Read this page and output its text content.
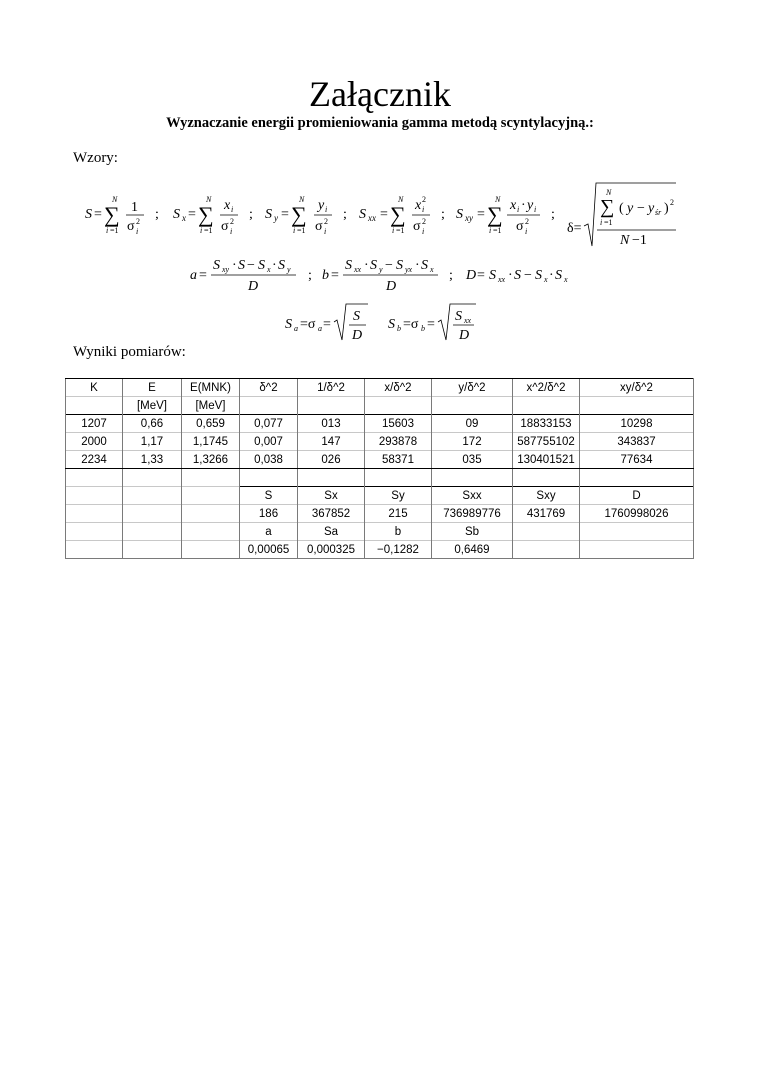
Załącznik
Wyznaczanie energii promieniowania gamma metodą scyntylacyjną.:
Wzory:
S = ∑
N
i =1
1
σ 2
i
; S x = ∑
N
i =1
x i
σ 2
i
; S y = ∑
N
i =1
y i
σ 2
i
; S xx = ∑
N
i =1
x 2
i
σ 2
i
; S xy = ∑
N
i =1
x i · y i
σ 2
i
;
δ=
∑
N
i =1
( y − y śr ) 2
N −1
a =
S xy · S − S x · S y
D
; b =
S xx · S y − S yx · S x
D
; D = S xx · S − S x · S x
S a =σ a =
S
D
S b =σ b =
S xx
D
Wyniki pomiarów:
K	E	E(MNK)	δ^2	1/δ^2	x/δ^2	y/δ^2	x^2/δ^2	xy/δ^2
	[MeV]	[MeV]						
1207	0,66	0,659	0,077	013	15603	09	18833153	10298
2000	1,17	1,1745	0,007	147	293878	172	587755102	343837
2234	1,33	1,3266	0,038	026	58371	035	130401521	77634

			S	Sx	Sy	Sxx	Sxy	D
			186	367852	215	736989776	431769	1760998026
			a	Sa	b	Sb		
			0,00065	0,000325	−0,1282	0,6469		
